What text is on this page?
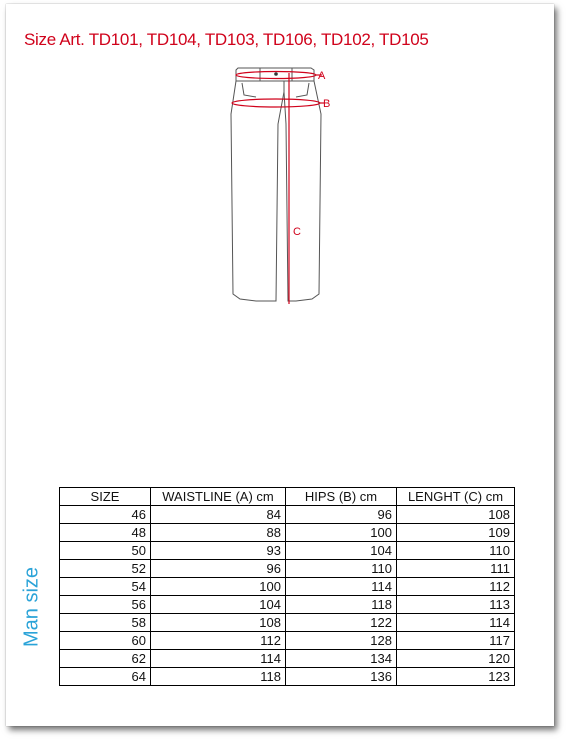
Size Art. TD101, TD104, TD103, TD106, TD102, TD105
A
B
C
Man size
SIZE	WAISTLINE (A) cm	HIPS (B) cm	LENGHT (C) cm
46	84	96	108
48	88	100	109
50	93	104	110
52	96	110	111
54	100	114	112
56	104	118	113
58	108	122	114
60	112	128	117
62	114	134	120
64	118	136	123
